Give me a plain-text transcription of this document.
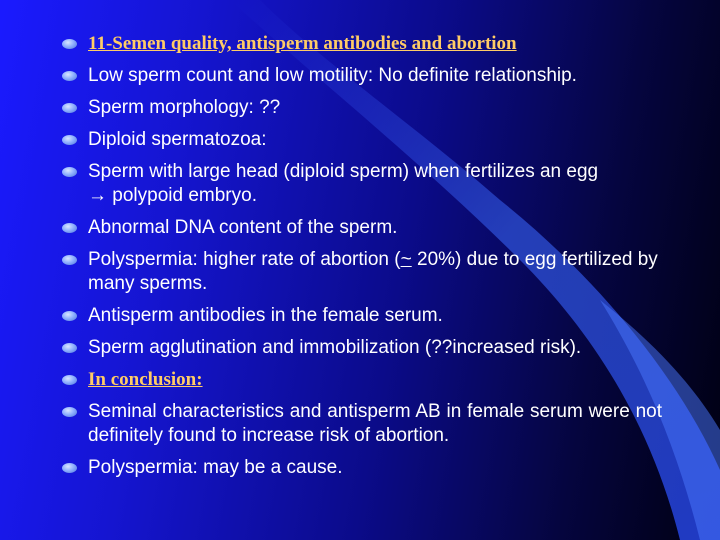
11-Semen quality, antisperm antibodies and abortion
Low sperm count and low motility: No definite relationship.
Sperm morphology: ??
Diploid spermatozoa:
Sperm with large head (diploid sperm) when fertilizes an egg
→ polypoid embryo.
Abnormal DNA content of the sperm.
Polyspermia: higher rate of abortion (~ 20%) due to egg fertilized by many sperms.
Antisperm antibodies in the female serum.
Sperm agglutination and immobilization (??increased risk).
In conclusion:
Seminal characteristics and antisperm AB in female serum were not definitely found to increase risk of abortion.
Polyspermia: may be a cause.
